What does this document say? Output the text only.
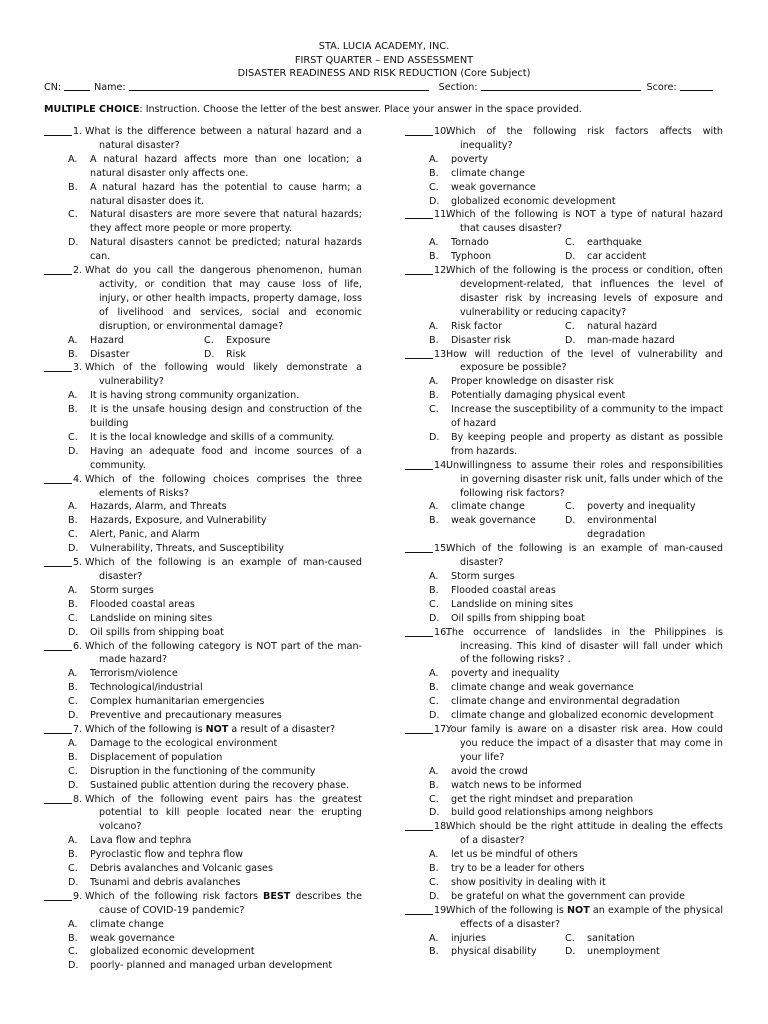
STA. LUCIA ACADEMY, INC.
FIRST QUARTER – END ASSESSMENT
DISASTER READINESS AND RISK REDUCTION (Core Subject)
CN:	Name:	Section:	Score:
MULTIPLE CHOICE: Instruction. Choose the letter of the best answer. Place your answer in the space provided.
1. What is the difference between a natural hazard and a natural disaster?
A. A natural hazard affects more than one location; a natural disaster only affects one.
B. A natural hazard has the potential to cause harm; a natural disaster does it.
C. Natural disasters are more severe that natural hazards; they affect more people or more property.
D. Natural disasters cannot be predicted; natural hazards can.
2. What do you call the dangerous phenomenon, human activity, or condition that may cause loss of life, injury, or other health impacts, property damage, loss of livelihood and services, social and economic disruption, or environmental damage?
A.	Hazard	C.	Exposure
B.	Disaster	D.	Risk
3. Which of the following would likely demonstrate a vulnerability?
A. It is having strong community organization.
B. It is the unsafe housing design and construction of the building
C. It is the local knowledge and skills of a community.
D. Having an adequate food and income sources of a community.
4. Which of the following choices comprises the three elements of Risks?
A. Hazards, Alarm, and Threats
B. Hazards, Exposure, and Vulnerability
C. Alert, Panic, and Alarm
D. Vulnerability, Threats, and Susceptibility
5. Which of the following is an example of man-caused disaster?
A. Storm surges
B. Flooded coastal areas
C. Landslide on mining sites
D. Oil spills from shipping boat
6. Which of the following category is NOT part of the man-made hazard?
A. Terrorism/violence
B. Technological/industrial
C. Complex humanitarian emergencies
D. Preventive and precautionary measures
7. Which of the following is NOT a result of a disaster?
A. Damage to the ecological environment
B. Displacement of population
C. Disruption in the functioning of the community
D. Sustained public attention during the recovery phase.
8. Which of the following event pairs has the greatest potential to kill people located near the erupting volcano?
A. Lava flow and tephra
B. Pyroclastic flow and tephra flow
C. Debris avalanches and Volcanic gases
D. Tsunami and debris avalanches
9. Which of the following risk factors BEST describes the cause of COVID-19 pandemic?
A. climate change
B. weak governance
C. globalized economic development
D. poorly- planned and managed urban development
10.
Which of the following risk factors affects with inequality?
A. poverty
B. climate change
C. weak governance
D. globalized economic development
11.
Which of the following is NOT a type of natural hazard that causes disaster?
A.	Tornado	C.	earthquake
B.	Typhoon	D.	car accident
12.
Which of the following is the process or condition, often development-related, that influences the level of disaster risk by increasing levels of exposure and vulnerability or reducing capacity?
A.	Risk factor	C.	natural hazard
B.	Disaster risk	D.	man-made hazard
13.
How will reduction of the level of vulnerability and exposure be possible?
A. Proper knowledge on disaster risk
B. Potentially damaging physical event
C. Increase the susceptibility of a community to the impact of hazard
D. By keeping people and property as distant as possible from hazards.
14.
Unwillingness to assume their roles and responsibilities in governing disaster risk unit, falls under which of the following risk factors?
A.	climate change	C.	poverty and inequality
B.	weak governance	D.	environmental degradation
15.
Which of the following is an example of man-caused disaster?
A. Storm surges
B. Flooded coastal areas
C. Landslide on mining sites
D. Oil spills from shipping boat
16.
The occurrence of landslides in the Philippines is increasing. This kind of disaster will fall under which of the following risks? .
A. poverty and inequality
B. climate change and weak governance
C. climate change and environmental degradation
D. climate change and globalized economic development
17.
Your family is aware on a disaster risk area. How could you reduce the impact of a disaster that may come in your life?
A. avoid the crowd
B. watch news to be informed
C. get the right mindset and preparation
D. build good relationships among neighbors
18.
Which should be the right attitude in dealing the effects of a disaster?
A. let us be mindful of others
B. try to be a leader for others
C. show positivity in dealing with it
D. be grateful on what the government can provide
19.
Which of the following is NOT an example of the physical effects of a disaster?
A.	injuries	C.	sanitation
B.	physical disability	D.	unemployment
